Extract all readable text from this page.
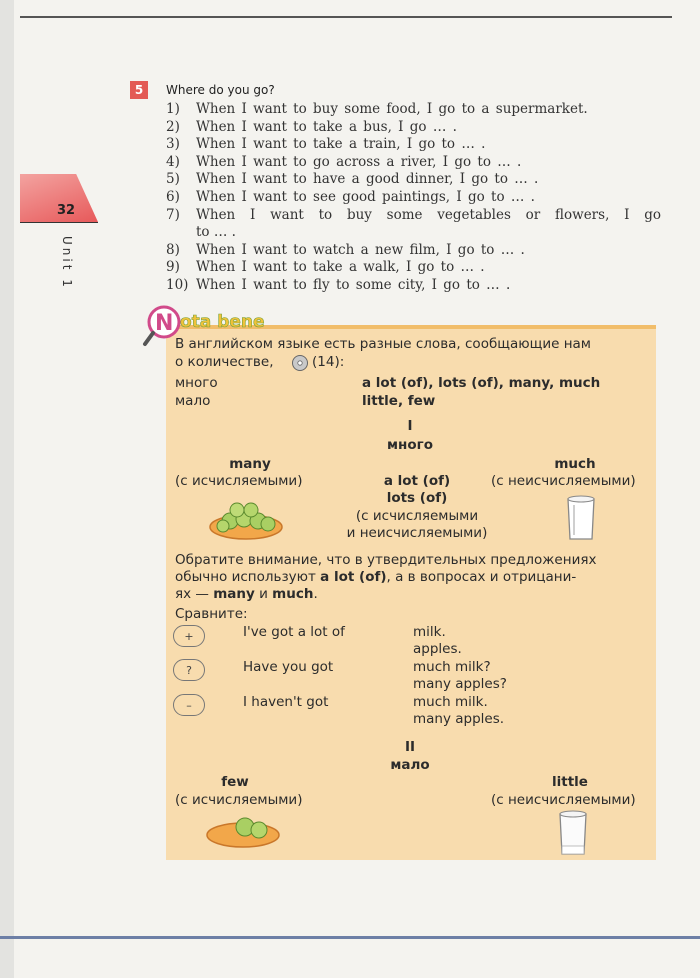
32
Unit 1
5	Where do you go?
1)	When I want to buy some food, I go to a supermarket.
2)	When I want to take a bus, I go … .
3)	When I want to take a train, I go to … .
4)	When I want to go across a river, I go to … .
5)	When I want to have a good dinner, I go to … .
6)	When I want to see good paintings, I go to … .
7)	When I want to buy some vegetables or flowers, I go
to … .
8)	When I want to watch a new film, I go to … .
9)	When I want to take a walk, I go to … .
10) When I want to fly to some city, I go to … .
N ota bene
В английском языке есть разные слова, сообщающие нам
о количестве,	(14):
много	a lot (of), lots (of), many, much
мало	little, few
I
много
many
(с исчисляемыми)	a lot (of)
much
(с неисчисляемыми)
lots (of)
(с исчисляемыми
и неисчисляемыми)
Обратите внимание, что в утвердительных предложениях
обычно используют a lot (of), а в вопросах и отрицани-
ях — many и much.
Сравните:
+	I've got a lot of	milk.
apples.
?	Have you got	much milk?
many apples?
–	I haven't got	much milk.
many apples.
II
мало
few
(с исчисляемыми)
little
(с неисчисляемыми)
